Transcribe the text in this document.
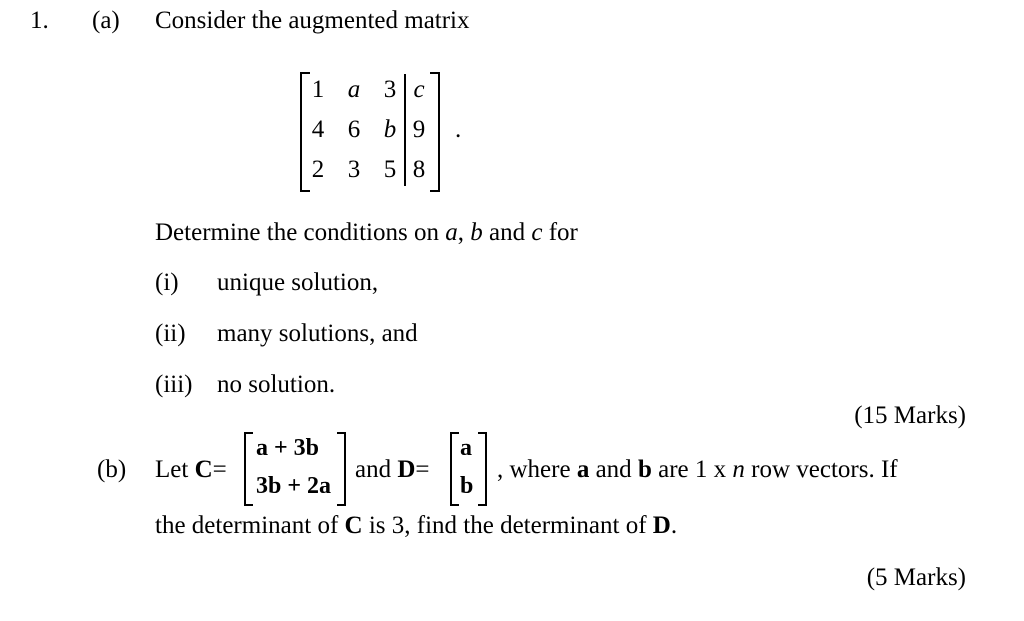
1. (a) Consider the augmented matrix
1 a 3 c
4 6 b 9
2 3 5 8
.
Determine the conditions on a, b and c for
(i) unique solution,
(ii) many solutions, and
(iii) no solution.
(15 Marks)
(b) Let C=
a + 3b
3b + 2a
and D=
a
b
, where a and b are 1 x n row vectors. If
the determinant of C is 3, find the determinant of D.
(5 Marks)
